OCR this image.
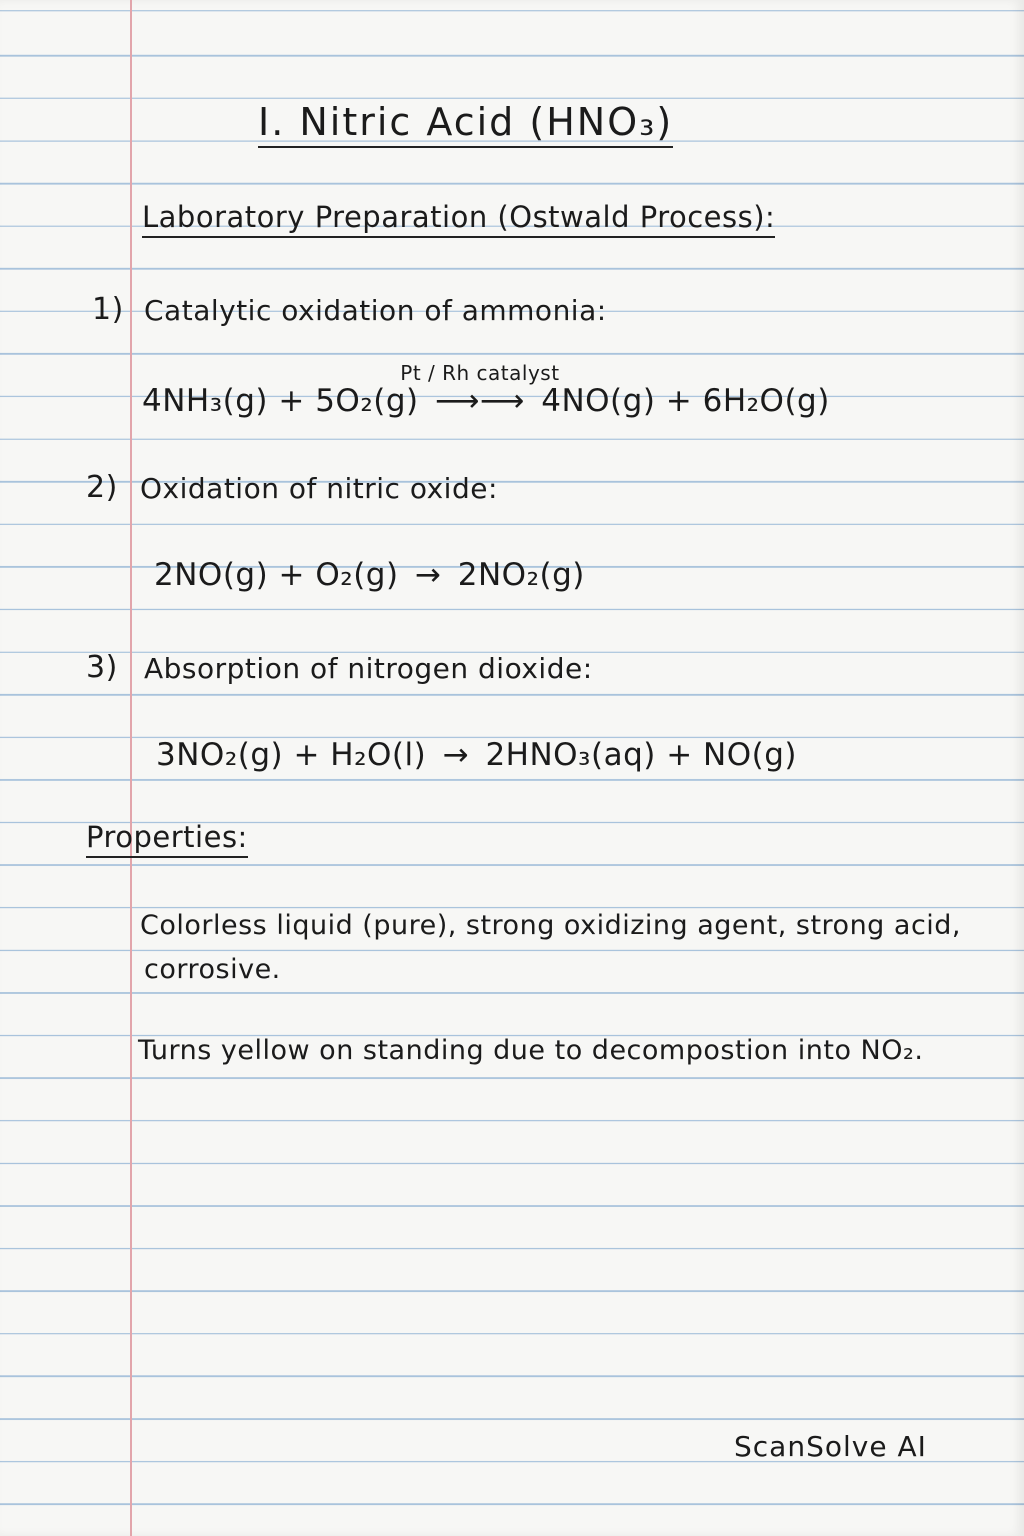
I. Nitric Acid (HNO₃)
Laboratory Preparation (Ostwald Process):
1) Catalytic oxidation of ammonia:
4NH₃(g) + 5O₂(g)
Pt / Rh catalyst
⟶⟶ 4NO(g) + 6H₂O(g)
2) Oxidation of nitric oxide:
2NO(g) + O₂(g) → 2NO₂(g)
3) Absorption of nitrogen dioxide:
3NO₂(g) + H₂O(l) → 2HNO₃(aq) + NO(g)
Properties:
Colorless liquid (pure), strong oxidizing agent, strong acid,
corrosive.
Turns yellow on standing due to decompostion into NO₂.
ScanSolve AI
